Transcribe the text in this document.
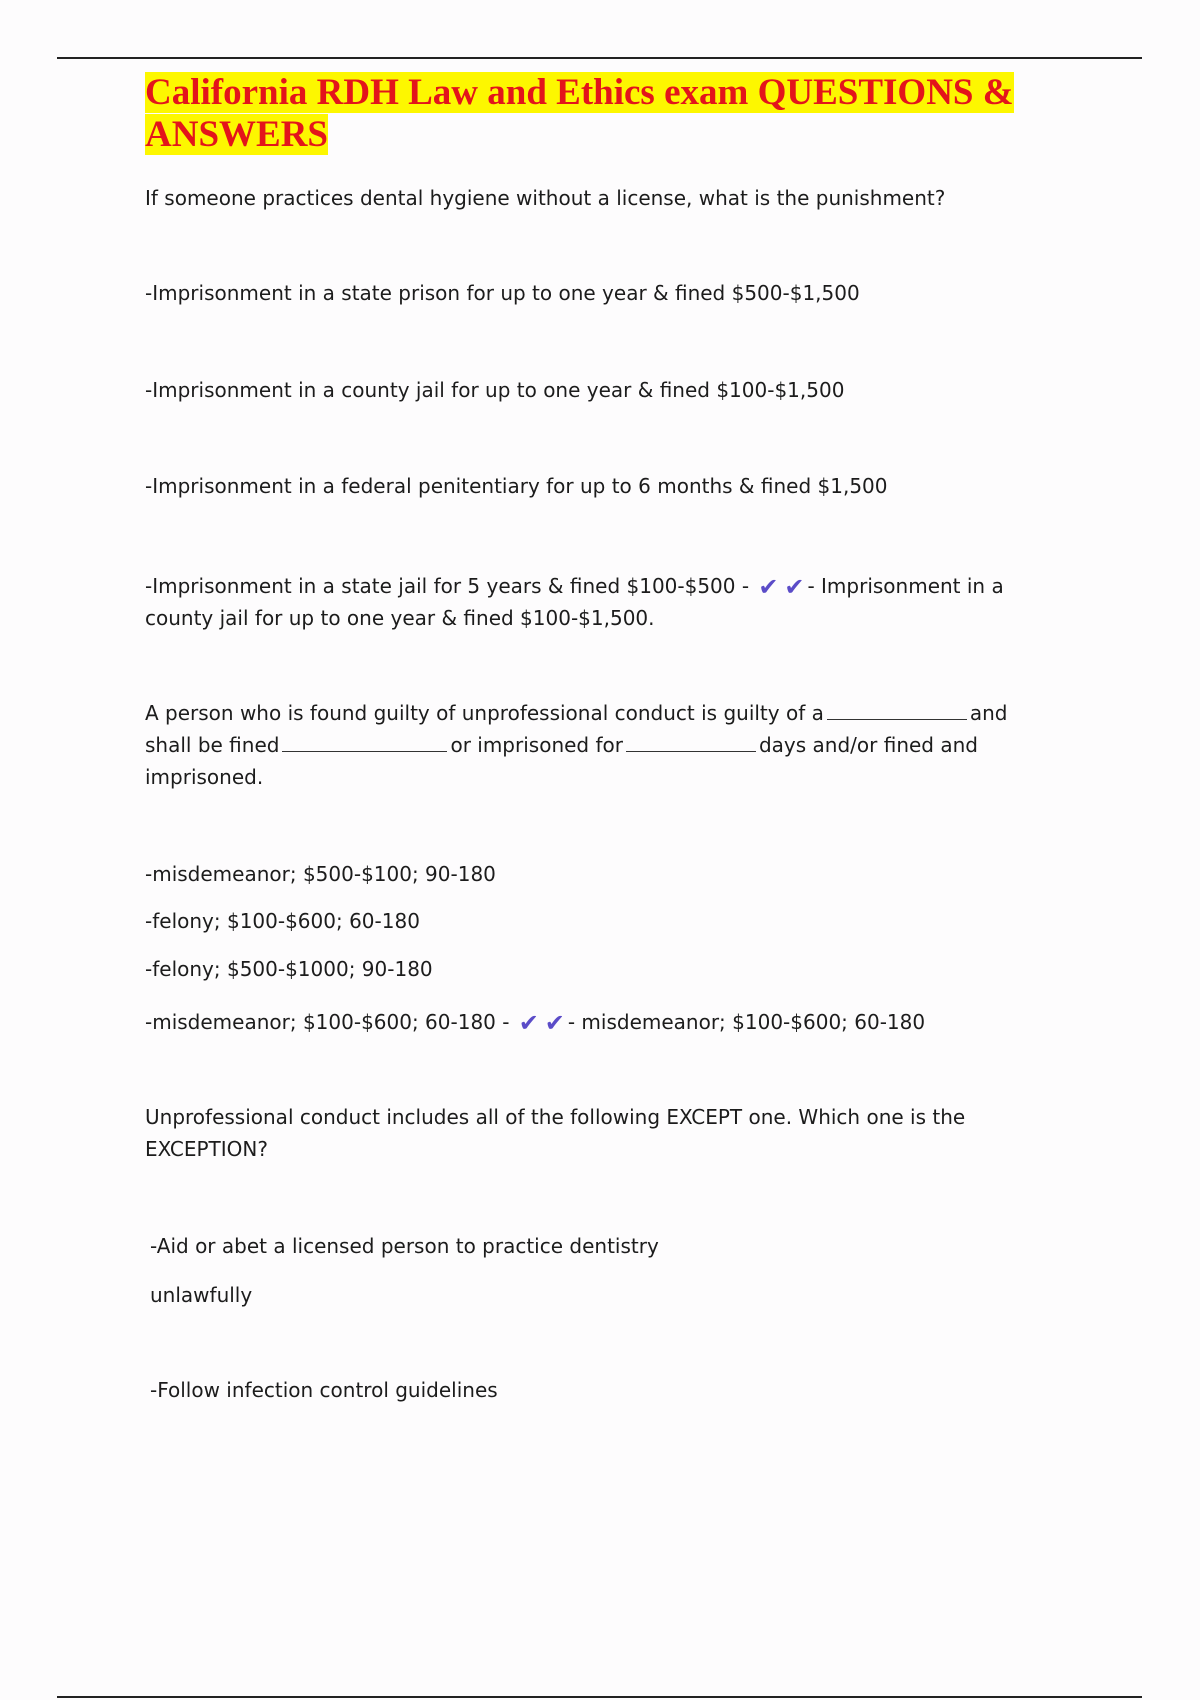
California RDH Law and Ethics exam QUESTIONS & ANSWERS
If someone practices dental hygiene without a license, what is the punishment?
-Imprisonment in a state prison for up to one year & fined $500-$1,500
-Imprisonment in a county jail for up to one year & fined $100-$1,500
-Imprisonment in a federal penitentiary for up to 6 months & fined $1,500
-Imprisonment in a state jail for 5 years & fined $100-$500 - ✔ ✔ - Imprisonment in a
county jail for up to one year & fined $100-$1,500.
A person who is found guilty of unprofessional conduct is guilty of a	and
shall be fined	or imprisoned for	days and/or fined and
imprisoned.
-misdemeanor; $500-$100; 90-180
-felony; $100-$600; 60-180
-felony; $500-$1000; 90-180
-misdemeanor; $100-$600; 60-180 - ✔ ✔ - misdemeanor; $100-$600; 60-180
Unprofessional conduct includes all of the following EXCEPT one. Which one is the EXCEPTION?
-Aid or abet a licensed person to practice dentistry
unlawfully
-Follow infection control guidelines
